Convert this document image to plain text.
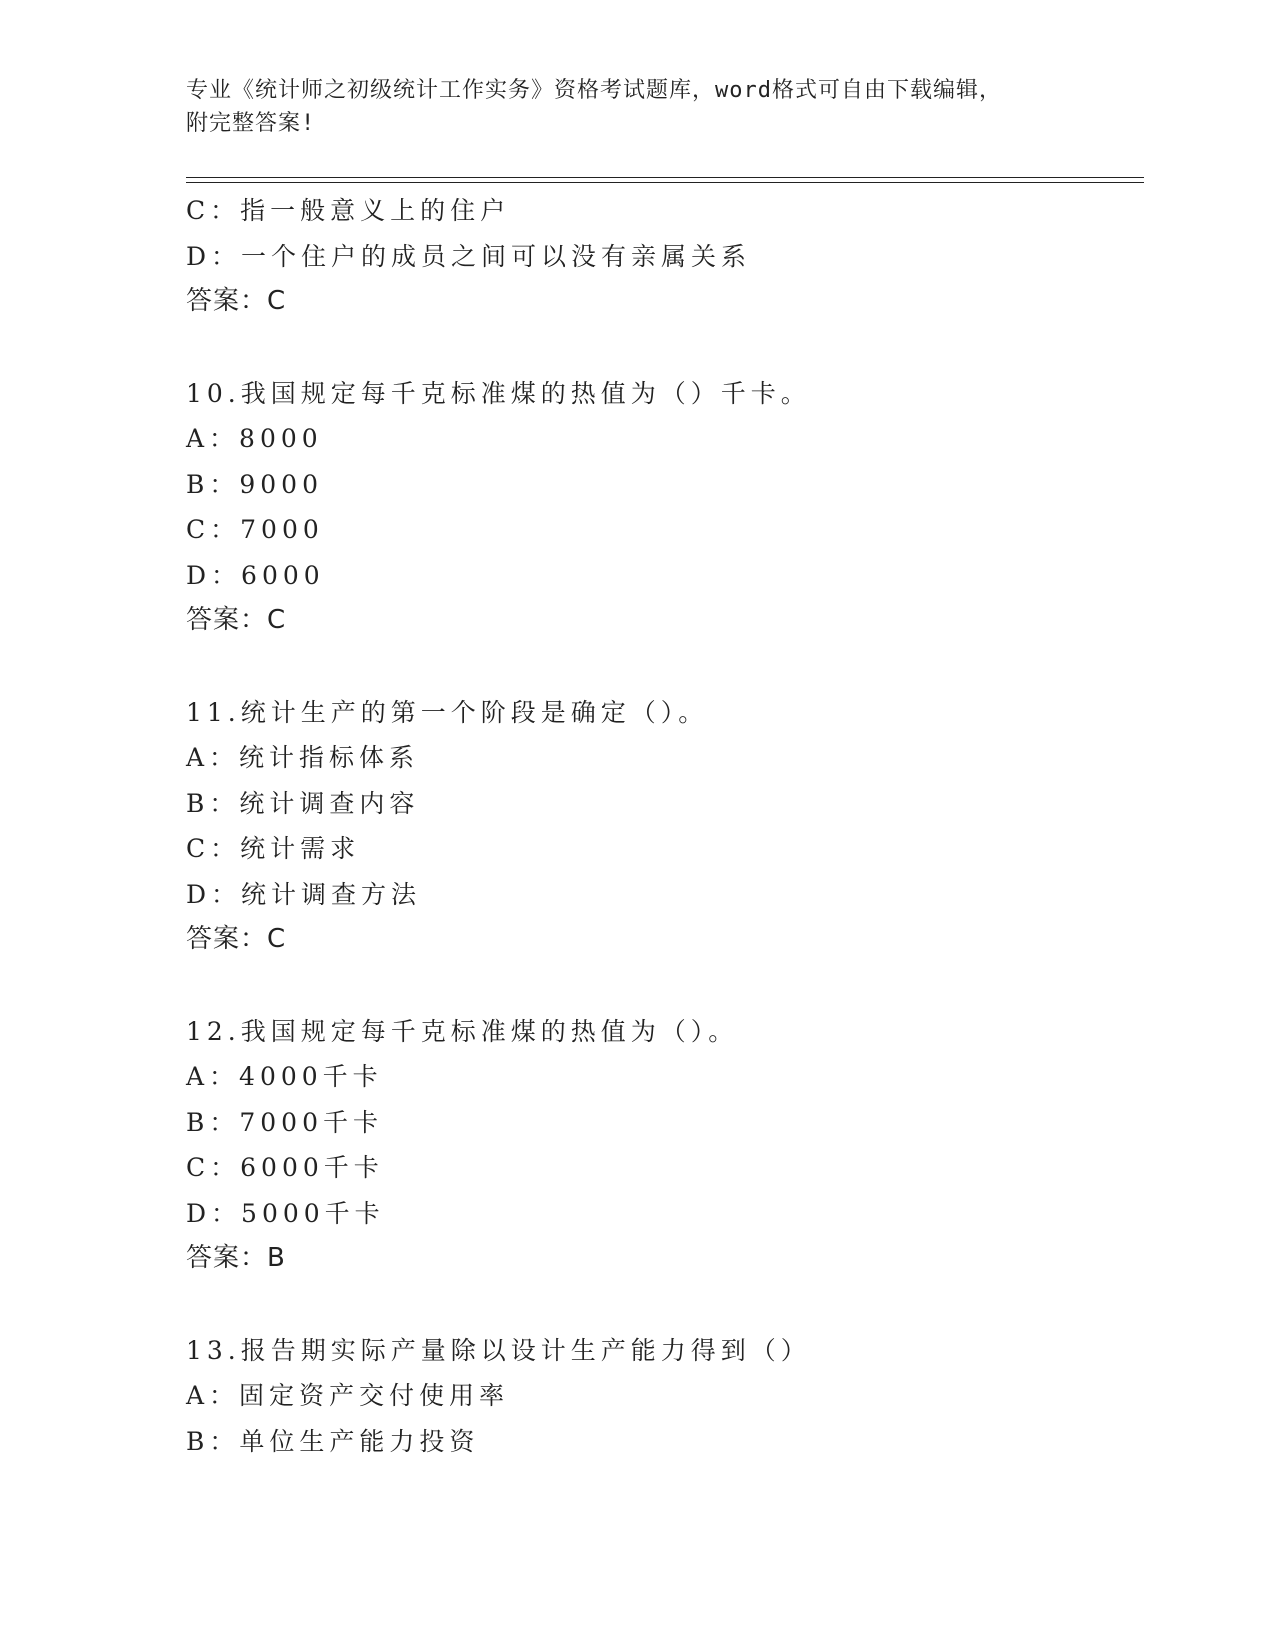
专业《统计师之初级统计工作实务》资格考试题库，word格式可自由下载编辑，
附完整答案!
C：指一般意义上的住户
D：一个住户的成员之间可以没有亲属关系
答案：C
10.我国规定每千克标准煤的热值为（）千卡。
A：8000
B：9000
C：7000
D：6000
答案：C
11.统计生产的第一个阶段是确定（）。
A：统计指标体系
B：统计调查内容
C：统计需求
D：统计调查方法
答案：C
12.我国规定每千克标准煤的热值为（）。
A：4000千卡
B：7000千卡
C：6000千卡
D：5000千卡
答案：B
13.报告期实际产量除以设计生产能力得到（）
A：固定资产交付使用率
B：单位生产能力投资
